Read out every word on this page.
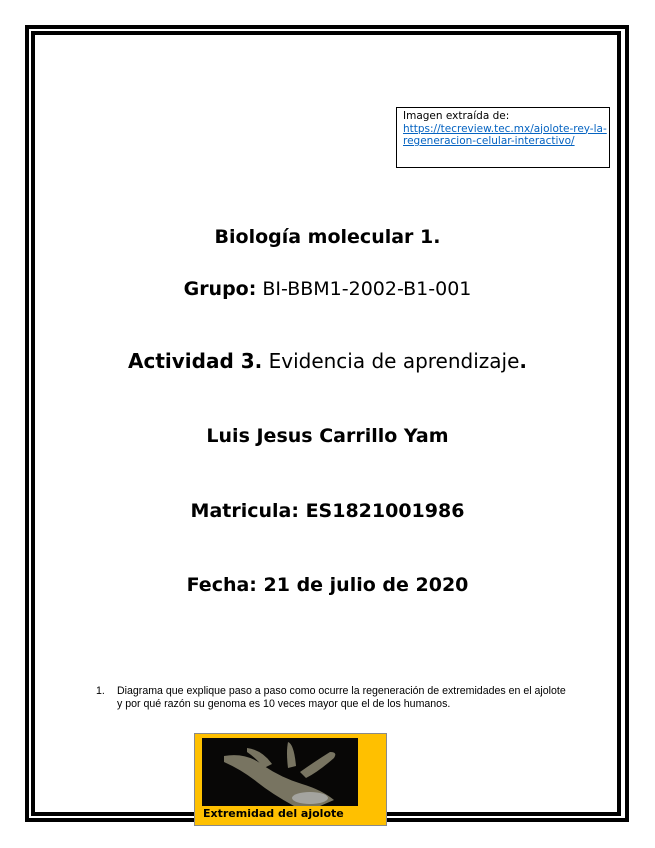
Imagen extraída de:
https://tecreview.tec.mx/ajolote-rey-la-regeneracion-celular-interactivo/
Biología molecular 1.
Grupo: BI-BBM1-2002-B1-001
Actividad 3. Evidencia de aprendizaje.
Luis Jesus Carrillo Yam
Matricula: ES1821001986
Fecha: 21 de julio de 2020
1. Diagrama que explique paso a paso como ocurre la regeneración de extremidades en el ajolote y por qué razón su genoma es 10 veces mayor que el de los humanos.
Extremidad del ajolote
